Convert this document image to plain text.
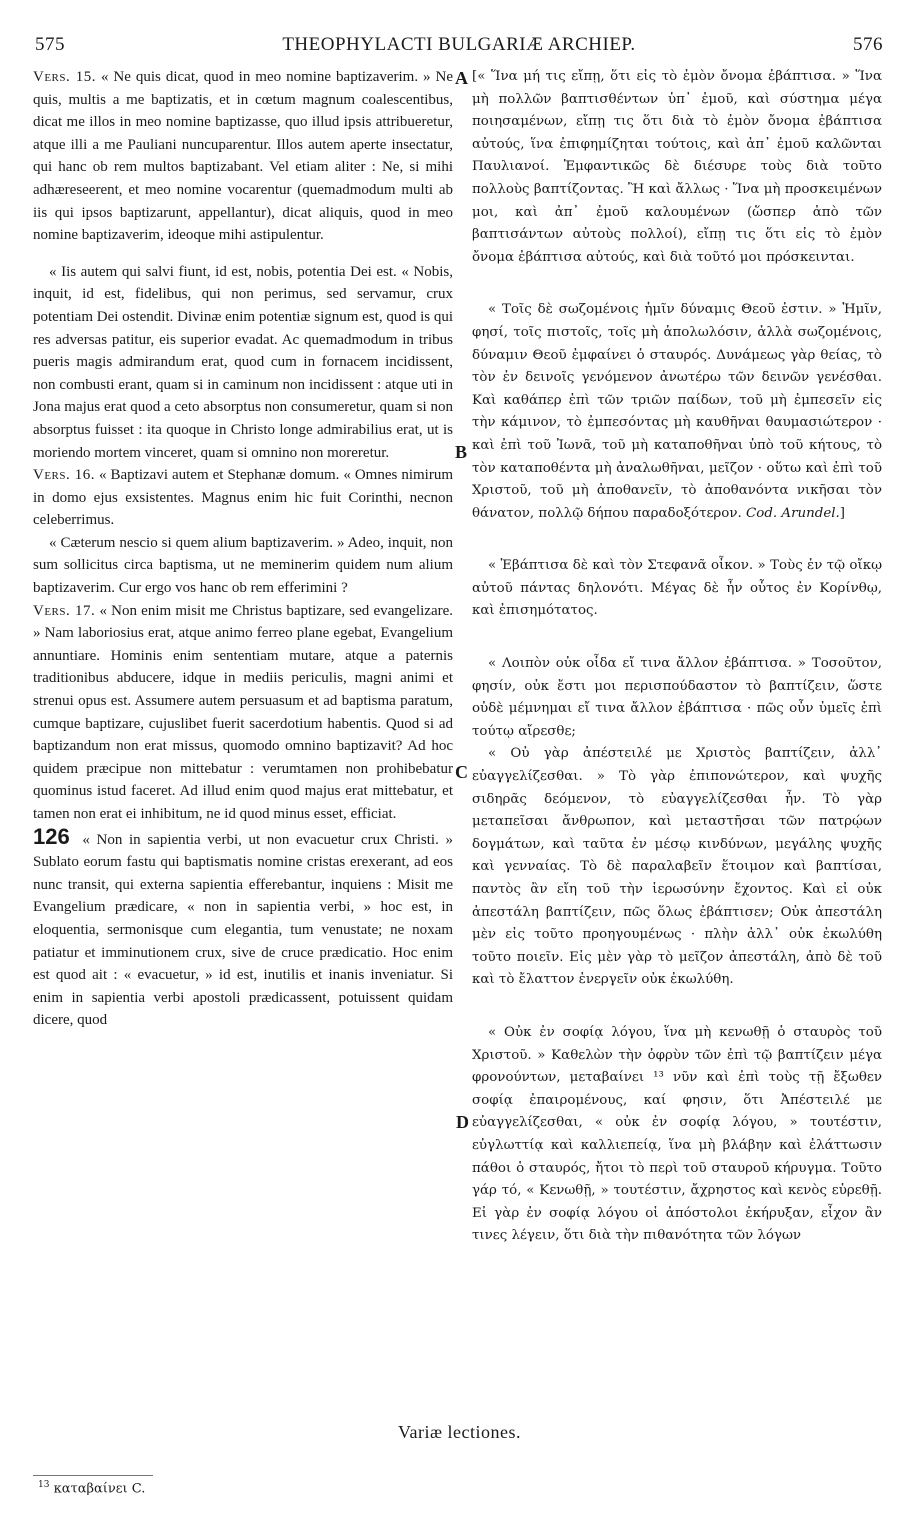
575	THEOPHYLACTI BULGARIÆ ARCHIEP.	576
A
B
C
D

Vers. 15. « Ne quis dicat, quod in meo nomine baptizaverim. » Ne quis, multis a me baptizatis, et in cœtum magnum coalescentibus, dicat me illos in meo nomine baptizasse, quo illud ipsis attribueretur, atque illi a me Pauliani nuncuparentur. Illos autem aperte insectatur, qui hanc ob rem multos baptizabant. Vel etiam aliter : Ne, si mihi adhæreseerent, et meo nomine vocarentur (quemadmodum multi ab iis qui ipsos baptizarunt, appellantur), dicat aliquis, quod in meo nomine baptizaverim, ideoque mihi astipulentur.

« Iis autem qui salvi fiunt, id est, nobis, potentia Dei est. « Nobis, inquit, id est, fidelibus, qui non perimus, sed servamur, crux potentiam Dei ostendit. Divinæ enim potentiæ signum est, quod is qui res adversas patitur, eis superior evadat. Ac quemadmodum in tribus pueris magis admirandum erat, quod cum in fornacem incidissent, non combusti erant, quam si in caminum non incidissent : atque uti in Jona majus erat quod a ceto absorptus non consumeretur, quam si non absorptus fuisset : ita quoque in Christo longe admirabilius erat, ut is moriendo mortem vinceret, quam si omnino non moreretur.

Vers. 16. « Baptizavi autem et Stephanæ domum. « Omnes nimirum in domo ejus exsistentes. Magnus enim hic fuit Corinthi, necnon celeberrimus.

« Cæterum nescio si quem alium baptizaverim. » Adeo, inquit, non sum sollicitus circa baptisma, ut ne meminerim quidem num alium baptizaverim. Cur ergo vos hanc ob rem efferimini ?

Vers. 17. « Non enim misit me Christus baptizare, sed evangelizare. » Nam laboriosius erat, atque animo ferreo plane egebat, Evangelium annuntiare. Hominis enim sententiam mutare, atque a paternis traditionibus abducere, idque in mediis periculis, magni animi et strenui opus est. Assumere autem persuasum et ad baptisma paratum, cumque baptizare, cujuslibet fuerit sacerdotium habentis. Quod si ad baptizandum non erat missus, quomodo omnino baptizavit? Ad hoc quidem præcipue non mittebatur : verumtamen non prohibebatur quominus istud faceret. Ad illud enim quod majus erat mittebatur, et tamen non erat ei inhibitum, ne id quod minus esset, efficiat.

126 « Non in sapientia verbi, ut non evacuetur crux Christi. » Sublato eorum fastu qui baptismatis nomine cristas erexerant, ad eos nunc transit, qui externa sapientia efferebantur, inquiens : Misit me Evangelium prædicare, « non in sapientia verbi, » hoc est, in eloquentia, sermonisque cum elegantia, tum venustate; ne noxam patiatur et imminutionem crux, sive de cruce prædicatio. Hoc enim est quod ait : « evacuetur, » id est, inutilis et inanis inveniatur. Si enim in sapientia verbi apostoli prædicassent, potuissent quidam dicere, quod

[« Ἵνα μή τις εἴπῃ, ὅτι εἰς τὸ ἐμὸν ὄνομα ἐβάπτισα. » Ἵνα μὴ πολλῶν βαπτισθέντων ὑπ᾽ ἐμοῦ, καὶ σύστημα μέγα ποιησαμένων, εἴπῃ τις ὅτι διὰ τὸ ἐμὸν ὄνομα ἐβάπτισα αὐτούς, ἵνα ἐπιφημίζηται τούτοις, καὶ ἀπ᾽ ἐμοῦ καλῶνται Παυλιανοί. Ἐμφαντικῶς δὲ διέσυρε τοὺς διὰ τοῦτο πολλοὺς βαπτίζοντας. Ἢ καὶ ἄλλως · Ἵνα μὴ προσκειμένων μοι, καὶ ἀπ᾽ ἐμοῦ καλουμένων (ὥσπερ ἀπὸ τῶν βαπτισάντων αὐτοὺς πολλοί), εἴπῃ τις ὅτι εἰς τὸ ἐμὸν ὄνομα ἐβάπτισα αὐτούς, καὶ διὰ τοῦτό μοι πρόσκεινται.

« Τοῖς δὲ σωζομένοις ἡμῖν δύναμις Θεοῦ ἐστιν. » Ἡμῖν, φησί, τοῖς πιστοῖς, τοῖς μὴ ἀπολωλόσιν, ἀλλὰ σωζομένοις, δύναμιν Θεοῦ ἐμφαίνει ὁ σταυρός. Δυνάμεως γὰρ θείας, τὸ τὸν ἐν δεινοῖς γενόμενον ἀνωτέρω τῶν δεινῶν γενέσθαι. Καὶ καθάπερ ἐπὶ τῶν τριῶν παίδων, τοῦ μὴ ἐμπεσεῖν εἰς τὴν κάμινον, τὸ ἐμπεσόντας μὴ καυθῆναι θαυμασιώτερον · καὶ ἐπὶ τοῦ Ἰωνᾶ, τοῦ μὴ καταποθῆναι ὑπὸ τοῦ κήτους, τὸ τὸν καταποθέντα μὴ ἀναλωθῆναι, μεῖζον · οὕτω καὶ ἐπὶ τοῦ Χριστοῦ, τοῦ μὴ ἀποθανεῖν, τὸ ἀποθανόντα νικῆσαι τὸν θάνατον, πολλῷ δήπου παραδοξότερον. Cod. Arundel.]

« Ἐβάπτισα δὲ καὶ τὸν Στεφανᾶ οἶκον. » Τοὺς ἐν τῷ οἴκῳ αὐτοῦ πάντας δηλονότι. Μέγας δὲ ἦν οὗτος ἐν Κορίνθῳ, καὶ ἐπισημότατος.

« Λοιπὸν οὐκ οἶδα εἴ τινα ἄλλον ἐβάπτισα. » Τοσοῦτον, φησίν, οὐκ ἔστι μοι περισπούδαστον τὸ βαπτίζειν, ὥστε οὐδὲ μέμνημαι εἴ τινα ἄλλον ἐβάπτισα · πῶς οὖν ὑμεῖς ἐπὶ τούτῳ αἴρεσθε;

« Οὐ γὰρ ἀπέστειλέ με Χριστὸς βαπτίζειν, ἀλλ᾽ εὐαγγελίζεσθαι. » Τὸ γὰρ ἐπιπονώτερον, καὶ ψυχῆς σιδηρᾶς δεόμενον, τὸ εὐαγγελίζεσθαι ἦν. Τὸ γὰρ μεταπεῖσαι ἄνθρωπον, καὶ μεταστῆσαι τῶν πατρῴων δογμάτων, καὶ ταῦτα ἐν μέσῳ κινδύνων, μεγάλης ψυχῆς καὶ γενναίας. Τὸ δὲ παραλαβεῖν ἕτοιμον καὶ βαπτίσαι, παντὸς ἂν εἴη τοῦ τὴν ἱερωσύνην ἔχοντος. Καὶ εἰ οὐκ ἀπεστάλη βαπτίζειν, πῶς ὅλως ἐβάπτισεν; Οὐκ ἀπεστάλη μὲν εἰς τοῦτο προηγουμένως · πλὴν ἀλλ᾽ οὐκ ἐκωλύθη τοῦτο ποιεῖν. Εἰς μὲν γὰρ τὸ μεῖζον ἀπεστάλη, ἀπὸ δὲ τοῦ καὶ τὸ ἔλαττον ἐνεργεῖν οὐκ ἐκωλύθη.

« Οὐκ ἐν σοφίᾳ λόγου, ἵνα μὴ κενωθῇ ὁ σταυρὸς τοῦ Χριστοῦ. » Καθελὼν τὴν ὀφρὺν τῶν ἐπὶ τῷ βαπτίζειν μέγα φρονούντων, μεταβαίνει ¹³ νῦν καὶ ἐπὶ τοὺς τῇ ἔξωθεν σοφίᾳ ἐπαιρομένους, καί φησιν, ὅτι Ἀπέστειλέ με εὐαγγελίζεσθαι, « οὐκ ἐν σοφίᾳ λόγου, » τουτέστιν, εὐγλωττίᾳ καὶ καλλιεπείᾳ, ἵνα μὴ βλάβην καὶ ἐλάττωσιν πάθοι ὁ σταυρός, ἤτοι τὸ περὶ τοῦ σταυροῦ κήρυγμα. Τοῦτο γάρ τό, « Κενωθῇ, » τουτέστιν, ἄχρηστος καὶ κενὸς εὑρεθῇ. Εἰ γὰρ ἐν σοφίᾳ λόγου οἱ ἀπόστολοι ἐκήρυξαν, εἶχον ἂν τινες λέγειν, ὅτι διὰ τὴν πιθανότητα τῶν λόγων

Variæ lectiones.
$^{13}$ καταβαίνει C.
